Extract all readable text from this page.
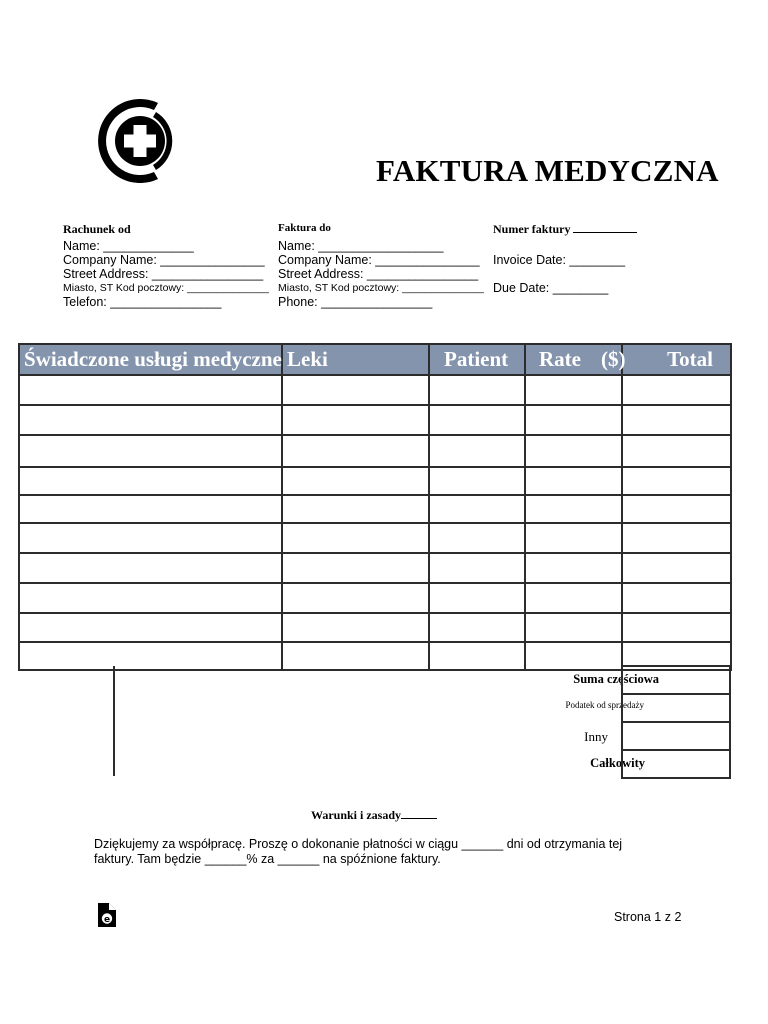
FAKTURA MEDYCZNA
Rachunek od
Name: _____________
Company Name: _______________
Street Address: ________________
Miasto, ST Kod pocztowy: ______________
Telefon: ________________
Faktura do
Name: __________________
Company Name: _______________
Street Address: ________________
Miasto, ST Kod pocztowy: ______________
Phone: ________________
Numer faktury
Invoice Date: ________
Due Date: ________
Świadczone usługi medyczne	Leki	Patient	Rate ($)	Total

Suma częściowa
Podatek od sprzedaży
Inny
Całkowity
Warunki i zasady
Dziękujemy za współpracę. Proszę o dokonanie płatności w ciągu ______ dni od otrzymania tej faktury. Tam będzie ______% za ______ na spóźnione faktury.
e	Strona 1 z 2
